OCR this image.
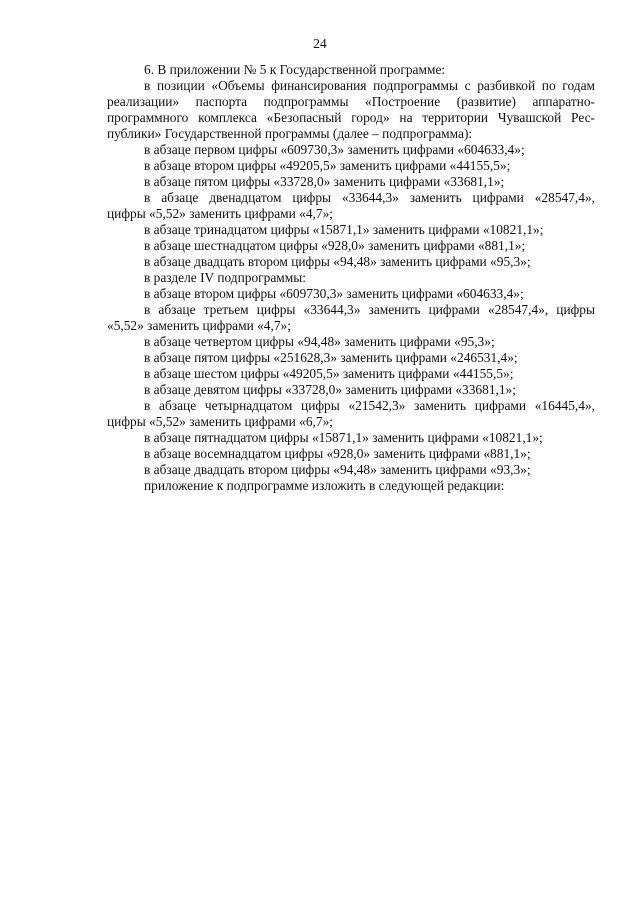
24
6. В приложении № 5 к Государственной программе:
в позиции «Объемы финансирования подпрограммы с разбивкой по годам
реализации» паспорта подпрограммы «Построение (развитие) аппаратно-
программного комплекса «Безопасный город» на территории Чувашской Рес-
публики» Государственной программы (далее – подпрограмма):
в абзаце первом цифры «609730,3» заменить цифрами «604633,4»;
в абзаце втором цифры «49205,5» заменить цифрами «44155,5»;
в абзаце пятом цифры «33728,0» заменить цифрами «33681,1»;
в абзаце двенадцатом цифры «33644,3» заменить цифрами «28547,4»,
цифры «5,52» заменить цифрами «4,7»;
в абзаце тринадцатом цифры «15871,1» заменить цифрами «10821,1»;
в абзаце шестнадцатом цифры «928,0» заменить цифрами «881,1»;
в абзаце двадцать втором цифры «94,48» заменить цифрами «95,3»;
в разделе IV подпрограммы:
в абзаце втором цифры «609730,3» заменить цифрами «604633,4»;
в абзаце третьем цифры «33644,3» заменить цифрами «28547,4», цифры
«5,52» заменить цифрами «4,7»;
в абзаце четвертом цифры «94,48» заменить цифрами «95,3»;
в абзаце пятом цифры «251628,3» заменить цифрами «246531,4»;
в абзаце шестом цифры «49205,5» заменить цифрами «44155,5»;
в абзаце девятом цифры «33728,0» заменить цифрами «33681,1»;
в абзаце четырнадцатом цифры «21542,3» заменить цифрами «16445,4»,
цифры «5,52» заменить цифрами «6,7»;
в абзаце пятнадцатом цифры «15871,1» заменить цифрами «10821,1»;
в абзаце восемнадцатом цифры «928,0» заменить цифрами «881,1»;
в абзаце двадцать втором цифры «94,48» заменить цифрами «93,3»;
приложение к подпрограмме изложить в следующей редакции:
